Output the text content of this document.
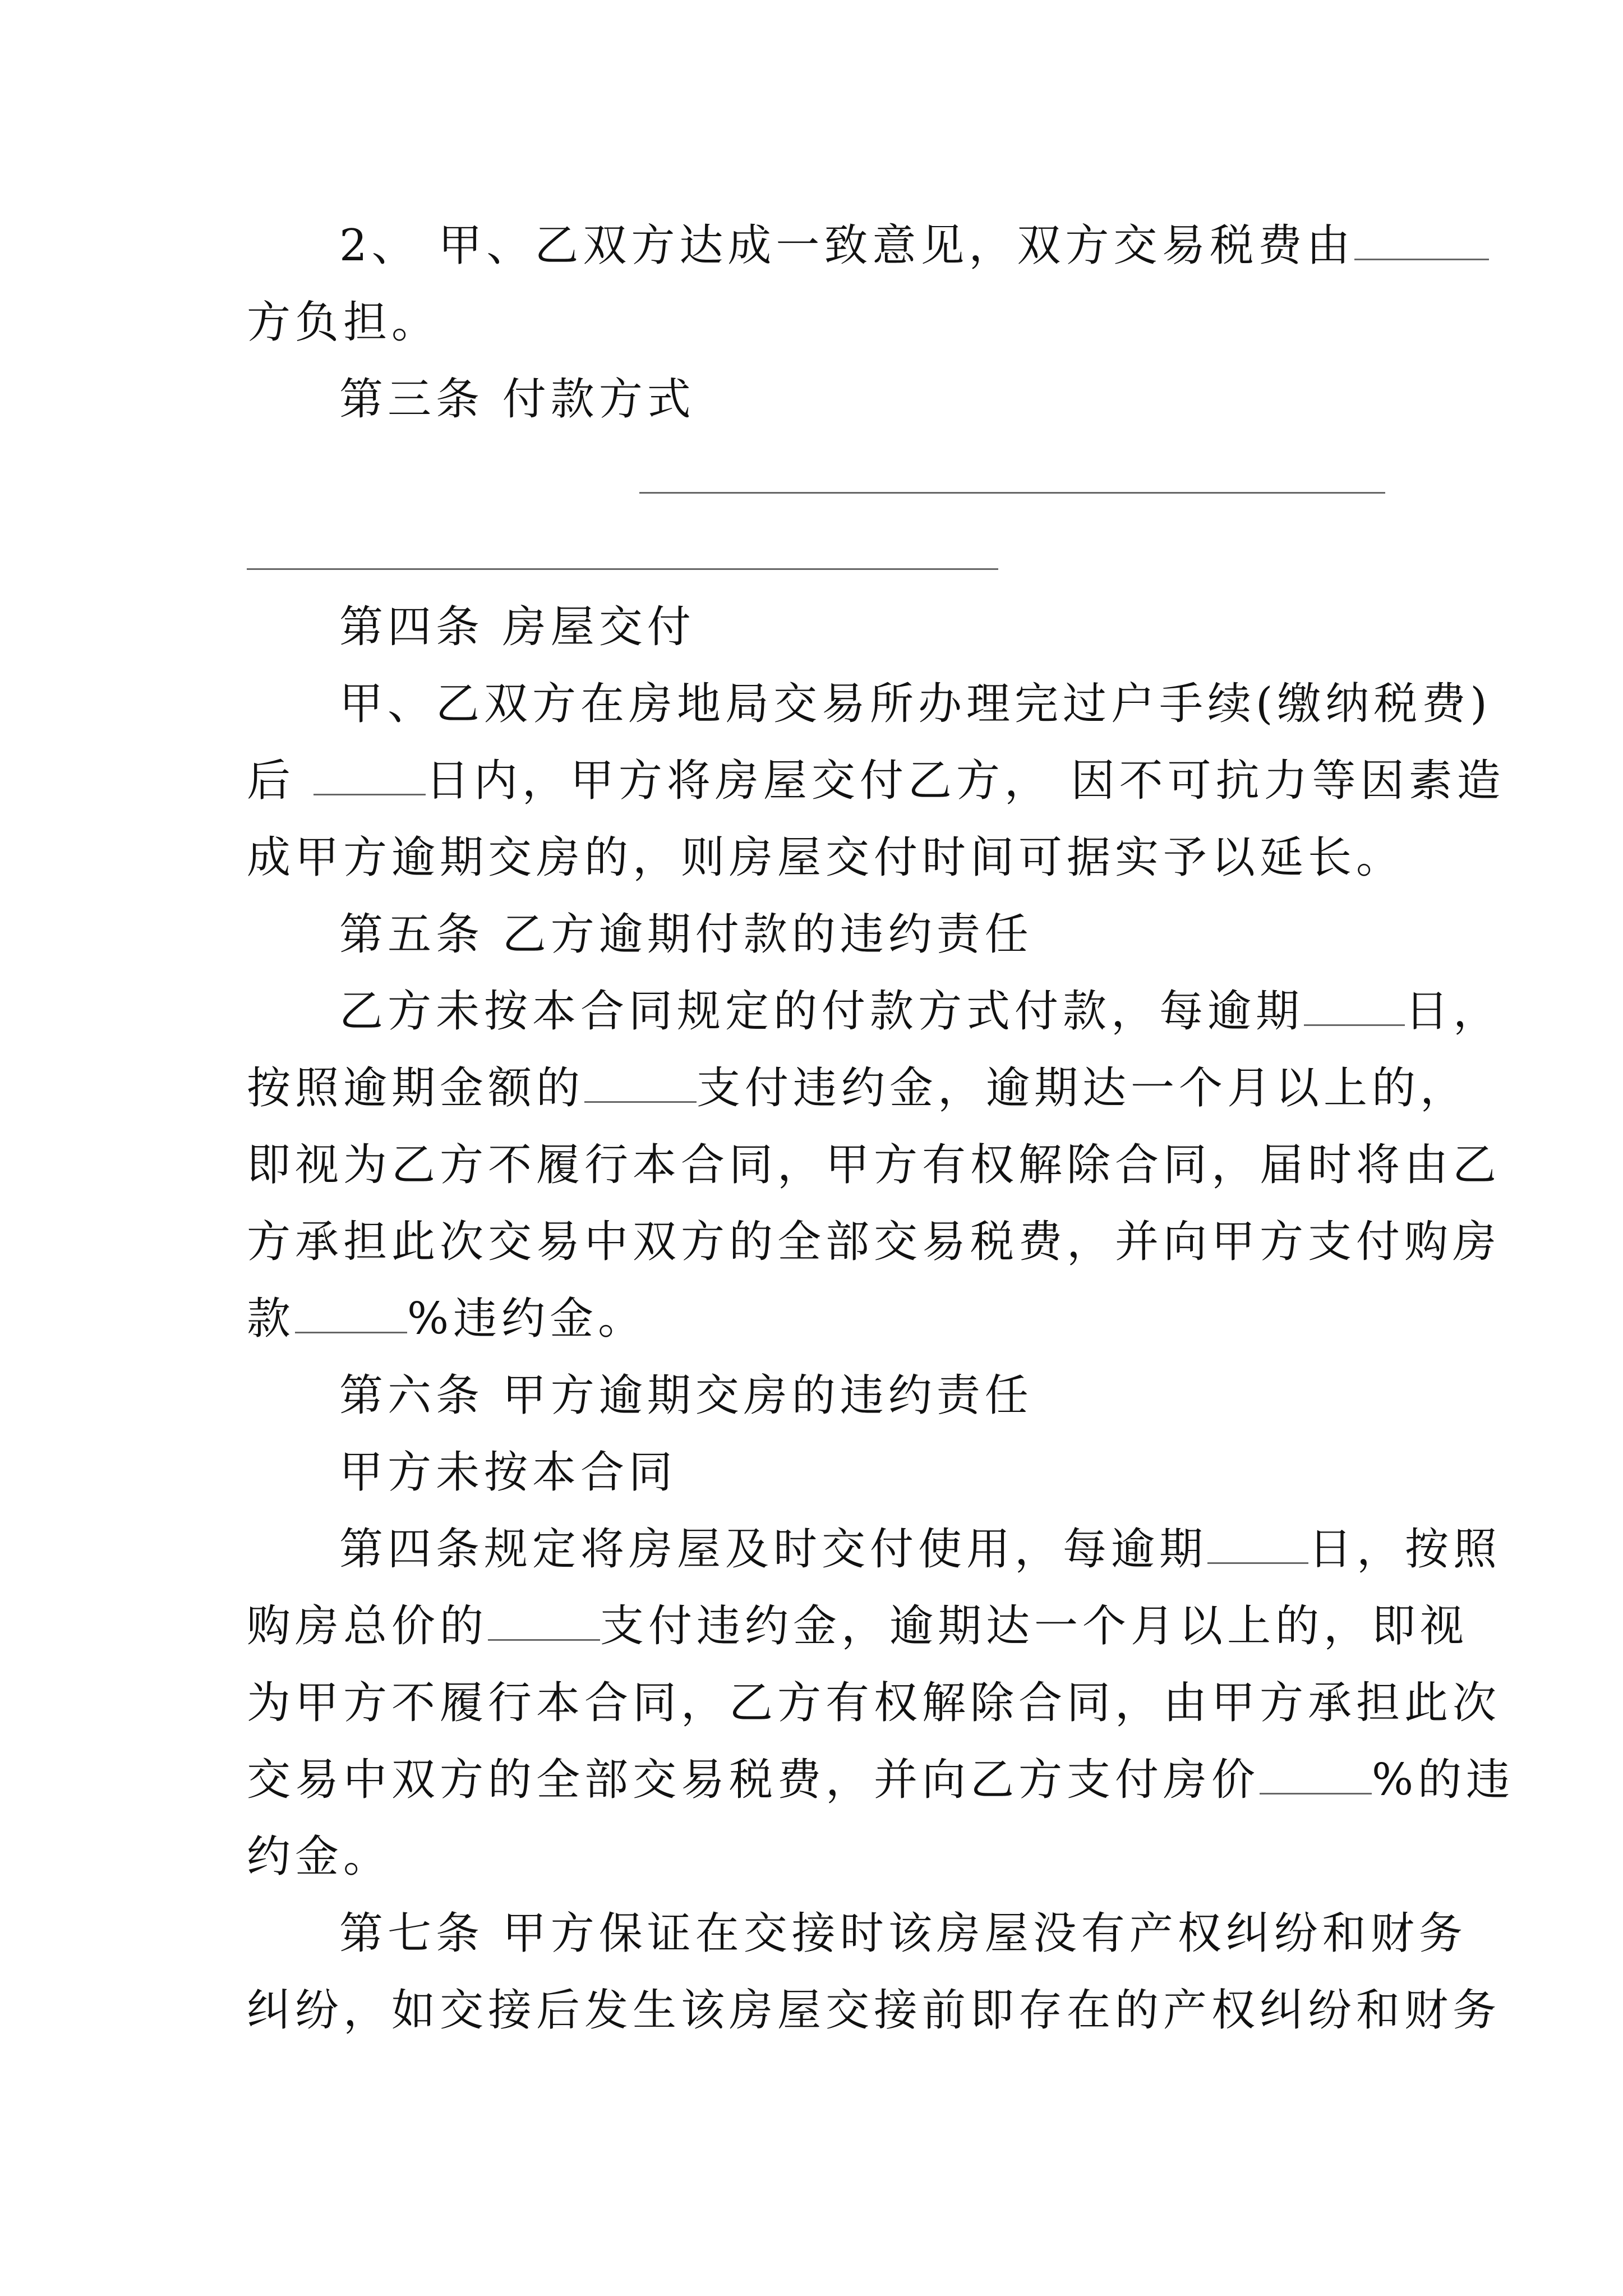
2、 甲、乙双方达成一致意见，双方交易税费由
方负担。
第三条 付款方式
第四条 房屋交付
甲、乙双方在房地局交易所办理完过户手续(缴纳税费)
后	日内，甲方将房屋交付乙方， 因不可抗力等因素造
成甲方逾期交房的，则房屋交付时间可据实予以延长。
第五条 乙方逾期付款的违约责任
乙方未按本合同规定的付款方式付款，每逾期 日，
按照逾期金额的	支付违约金，逾期达一个月以上的，
即视为乙方不履行本合同，甲方有权解除合同，届时将由乙
方承担此次交易中双方的全部交易税费，并向甲方支付购房
款	%违约金。
第六条 甲方逾期交房的违约责任
甲方未按本合同
第四条规定将房屋及时交付使用，每逾期 日，按照
购房总价的	支付违约金，逾期达一个月以上的，即视
为甲方不履行本合同，乙方有权解除合同，由甲方承担此次
交易中双方的全部交易税费，并向乙方支付房价	%的违
约金。
第七条 甲方保证在交接时该房屋没有产权纠纷和财务
纠纷，如交接后发生该房屋交接前即存在的产权纠纷和财务
